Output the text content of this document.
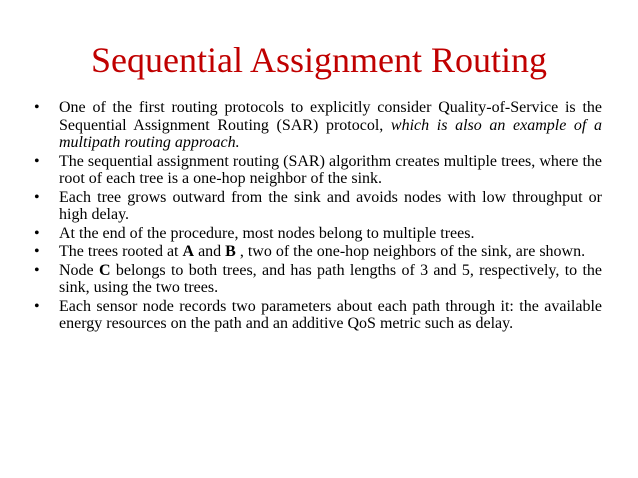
Sequential Assignment Routing
•	One of the first routing protocols to explicitly consider Quality-of-Service is the Sequential Assignment Routing (SAR) protocol, which is also an example of a multipath routing approach.
•	The sequential assignment routing (SAR) algorithm creates multiple trees, where the root of each tree is a one-hop neighbor of the sink.
•	Each tree grows outward from the sink and avoids nodes with low throughput or high delay.
•	At the end of the procedure, most nodes belong to multiple trees.
•	The trees rooted at A and B , two of the one-hop neighbors of the sink, are shown.
•	Node C belongs to both trees, and has path lengths of 3 and 5, respectively, to the sink, using the two trees.
•	Each sensor node records two parameters about each path through it: the available energy resources on the path and an additive QoS metric such as delay.
